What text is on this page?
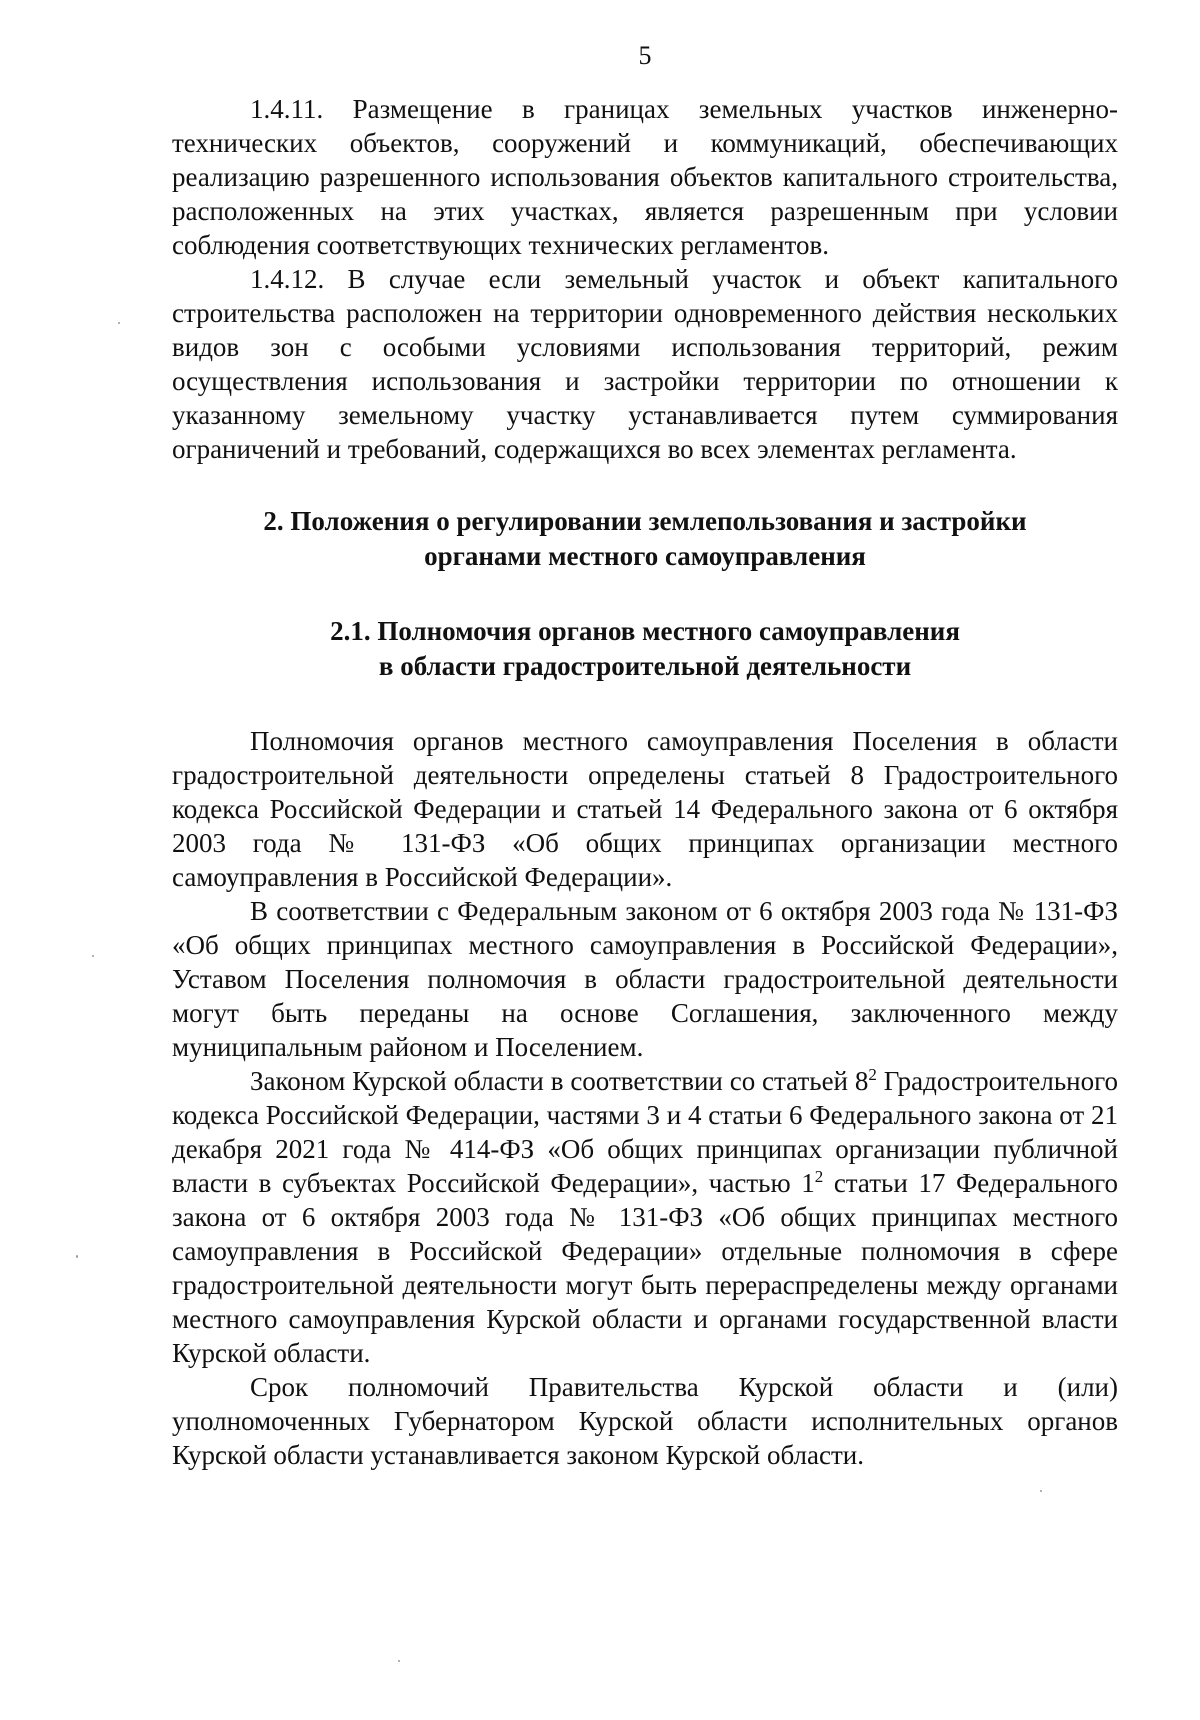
5

1.4.11. Размещение в границах земельных участков инженерно-технических объектов, сооружений и коммуникаций, обеспечивающих реализацию разрешенного использования объектов капитального строительства, расположенных на этих участках, является разрешенным при условии соблюдения соответствующих технических регламентов.

1.4.12. В случае если земельный участок и объект капитального строительства расположен на территории одновременного действия нескольких видов зон с особыми условиями использования территорий, режим осуществления использования и застройки территории по отношении к указанному земельному участку устанавливается путем суммирования ограничений и требований, содержащихся во всех элементах регламента.

2. Положения о регулировании землепользования и застройки
органами местного самоуправления
2.1. Полномочия органов местного самоуправления
в области градостроительной деятельности

Полномочия органов местного самоуправления Поселения в области градостроительной деятельности определены статьей 8 Градостроительного кодекса Российской Федерации и статьей 14 Федерального закона от 6 октября 2003 года № 131-ФЗ «Об общих принципах организации местного самоуправления в Российской Федерации».

В соответствии с Федеральным законом от 6 октября 2003 года № 131-ФЗ «Об общих принципах местного самоуправления в Российской Федерации», Уставом Поселения полномочия в области градостроительной деятельности могут быть переданы на основе Соглашения, заключенного между муниципальным районом и Поселением.

Законом Курской области в соответствии со статьей 8$^2$ Градостроительного кодекса Российской Федерации, частями 3 и 4 статьи 6 Федерального закона от 21 декабря 2021 года № 414-ФЗ «Об общих принципах организации публичной власти в субъектах Российской Федерации», частью 1$^2$ статьи 17 Федерального закона от 6 октября 2003 года № 131-ФЗ «Об общих принципах местного самоуправления в Российской Федерации» отдельные полномочия в сфере градостроительной деятельности могут быть перераспределены между органами местного самоуправления Курской области и органами государственной власти Курской области.

Срок полномочий Правительства Курской области и (или) уполномоченных Губернатором Курской области исполнительных органов Курской области устанавливается законом Курской области.
